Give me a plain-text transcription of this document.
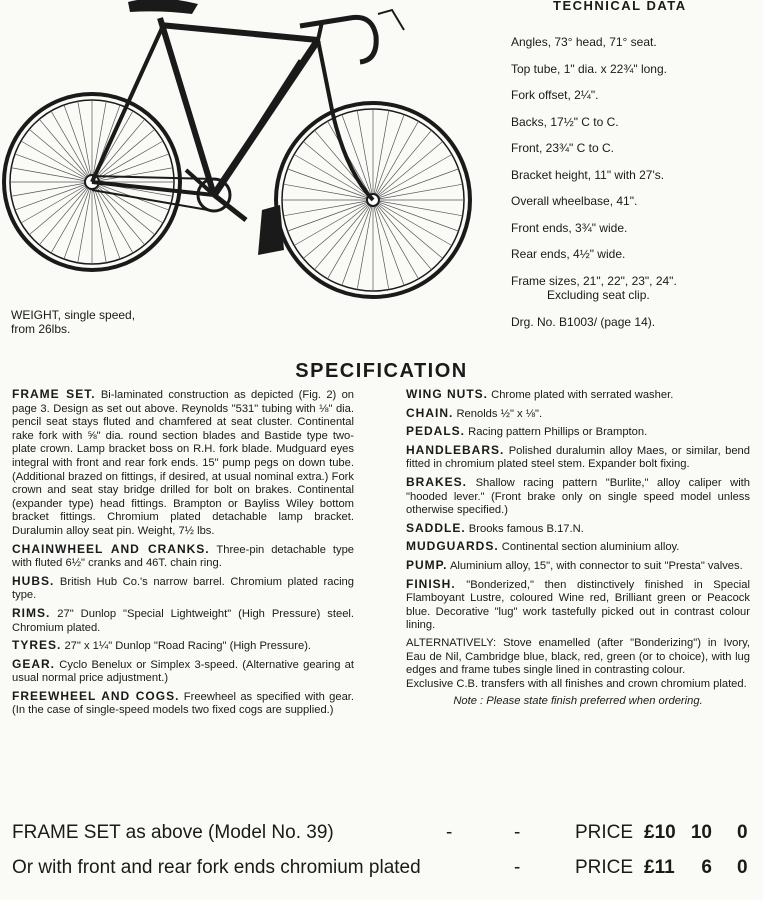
TECHNICAL DATA
Angles, 73° head, 71° seat.
Top tube, 1" dia. x 22¾" long.
Fork offset, 2¼".
Backs, 17½" C to C.
Front, 23¾" C to C.
Bracket height, 11" with 27's.
Overall wheelbase, 41".
Front ends, 3¾" wide.
Rear ends, 4½" wide.
Frame sizes, 21", 22", 23", 24".
Excluding seat clip.
Drg. No. B1003/ (page 14).
WEIGHT, single speed,
from 26lbs.
SPECIFICATION

FRAME SET. Bi-laminated construction as depicted (Fig. 2) on page 3. Design as set out above. Reynolds "531" tubing with ⅛" dia. pencil seat stays fluted and chamfered at seat cluster. Continental rake fork with ⅝" dia. round section blades and Bastide type two-plate crown. Lamp bracket boss on R.H. fork blade. Mudguard eyes integral with front and rear fork ends. 15" pump pegs on down tube. (Additional brazed on fittings, if desired, at usual nominal extra.) Fork crown and seat stay bridge drilled for bolt on brakes. Continental (expander type) head fittings. Brampton or Bayliss Wiley bottom bracket fittings. Chromium plated detachable lamp bracket. Duralumin alloy seat pin. Weight, 7½ lbs.

CHAINWHEEL AND CRANKS. Three-pin detachable type with fluted 6½" cranks and 46T. chain ring.

HUBS. British Hub Co.'s narrow barrel. Chromium plated racing type.

RIMS. 27" Dunlop "Special Lightweight" (High Pressure) steel. Chromium plated.

TYRES. 27" x 1¼" Dunlop "Road Racing" (High Pressure).

GEAR. Cyclo Benelux or Simplex 3-speed. (Alternative gearing at usual normal price adjustment.)

FREEWHEEL AND COGS. Freewheel as specified with gear. (In the case of single-speed models two fixed cogs are supplied.)

WING NUTS. Chrome plated with serrated washer.

CHAIN. Renolds ½" x ⅛".

PEDALS. Racing pattern Phillips or Brampton.

HANDLEBARS. Polished duralumin alloy Maes, or similar, bend fitted in chromium plated steel stem. Expander bolt fixing.

BRAKES. Shallow racing pattern "Burlite," alloy caliper with "hooded lever." (Front brake only on single speed model unless otherwise specified.)

SADDLE. Brooks famous B.17.N.

MUDGUARDS. Continental section aluminium alloy.

PUMP. Aluminium alloy, 15", with connector to suit "Presta" valves.

FINISH. "Bonderized," then distinctively finished in Special Flamboyant Lustre, coloured Wine red, Brilliant green or Peacock blue. Decorative "lug" work tastefully picked out in contrast colour lining.

ALTERNATIVELY: Stove enamelled (after "Bonderizing") in Ivory, Eau de Nil, Cambridge blue, black, red, green (or to choice), with lug edges and frame tubes single lined in contrasting colour.

Exclusive C.B. transfers with all finishes and crown chromium plated.

Note : Please state finish preferred when ordering.

FRAME SET as above (Model No. 39)	-	-	PRICE £10 10 0
Or with front and rear fork ends chromium plated	-	PRICE £11	6 0
